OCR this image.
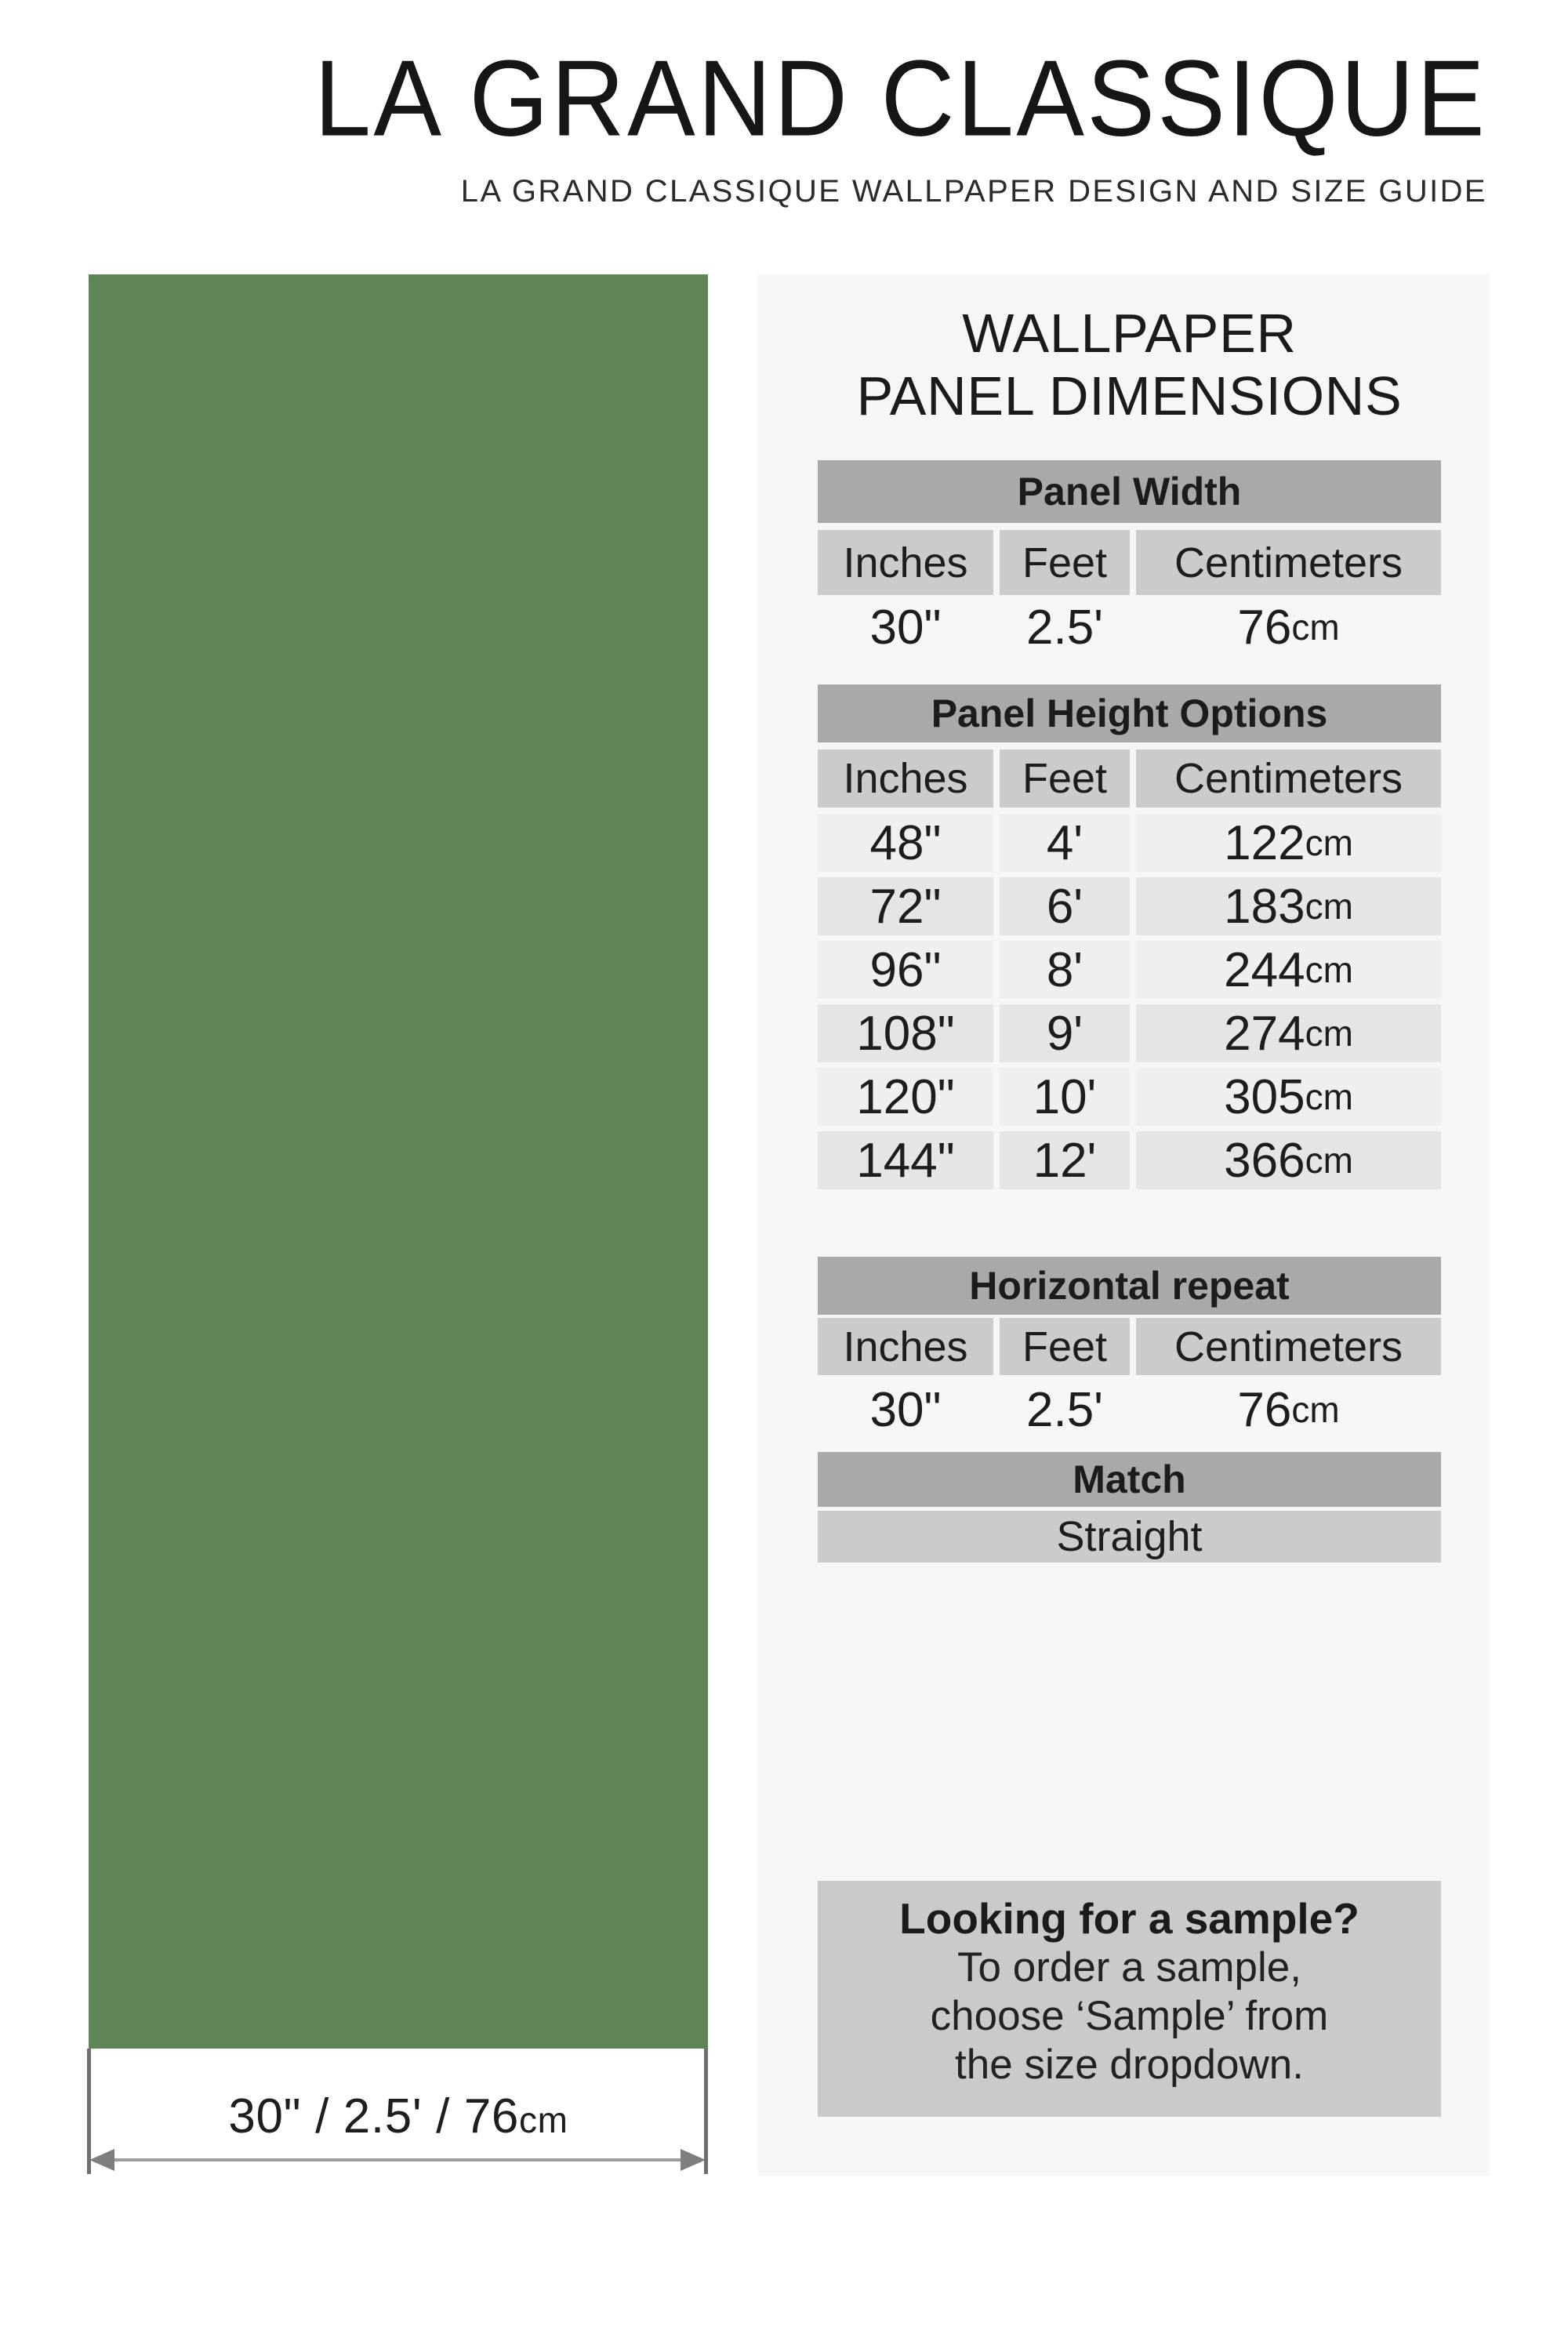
LA GRAND CLASSIQUE
LA GRAND CLASSIQUE WALLPAPER DESIGN AND SIZE GUIDE
30" / 2.5' / 76cm
WALLPAPER
PANEL DIMENSIONS
Panel Width
Inches	Feet	Centimeters
30"	2.5'	76 cm
Panel Height Options
Inches	Feet	Centimeters
48"	4'	122 cm
72"	6'	183 cm
96"	8'	244 cm
108"	9'	274 cm
120"	10'	305 cm
144"	12'	366 cm
Horizontal repeat
Inches	Feet	Centimeters
30"	2.5'	76 cm
Match
Straight
Looking for a sample?
To order a sample,
choose ‘Sample’ from
the size dropdown.
